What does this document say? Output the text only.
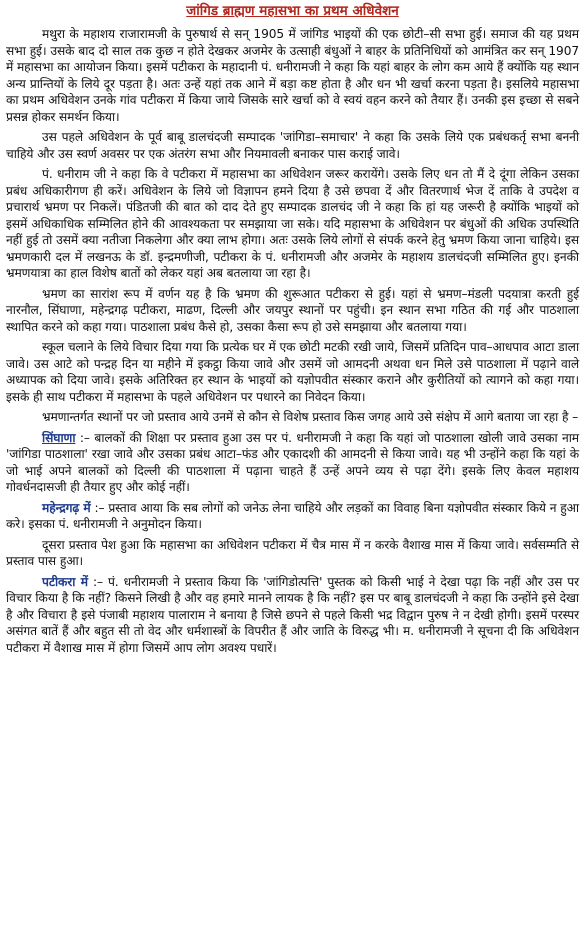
जांगिड ब्राह्मण महासभा का प्रथम अधिवेशन

मथुरा के महाशय राजारामजी के पुरुषार्थ से सन् 1905 में जांगिड भाइयों की एक छोटी–सी सभा हुई। समाज की यह प्रथम सभा हुई। उसके बाद दो साल तक कुछ न होते देखकर अजमेर के उत्साही बंधुओं ने बाहर के प्रतिनिधियों को आमंत्रित कर सन् 1907 में महासभा का आयोजन किया। इसमें पटीकरा के महादानी पं. धनीरामजी ने कहा कि यहां बाहर के लोग कम आये हैं क्योंकि यह स्थान अन्य प्रान्तियों के लिये दूर पड़ता है। अतः उन्हें यहां तक आने में बड़ा कष्ट होता है और धन भी खर्चा करना पड़ता है। इसलिये महासभा का प्रथम अधिवेशन उनके गांव पटीकरा में किया जाये जिसके सारे खर्चा को वे स्वयं वहन करने को तैयार हैं। उनकी इस इच्छा से सबने प्रसन्न होकर समर्थन किया।

उस पहले अधिवेशन के पूर्व बाबू डालचंदजी सम्पादक 'जांगिडा–समाचार' ने कहा कि उसके लिये एक प्रबंधकर्तृ सभा बननी चाहिये और उस स्वर्ण अवसर पर एक अंतरंग सभा और नियमावली बनाकर पास कराई जावे।

पं. धनीराम जी ने कहा कि वे पटीकरा में महासभा का अधिवेशन जरूर करायेंगे। उसके लिए धन तो मैं दे दूंगा लेकिन उसका प्रबंध अधिकारीगण ही करें। अधिवेशन के लिये जो विज्ञापन हमने दिया है उसे छपवा दें और वितरणार्थ भेज दें ताकि वे उपदेश व प्रचारार्थ भ्रमण पर निकलें। पंडितजी की बात को दाद देते हुए सम्पादक डालचंद जी ने कहा कि हां यह जरूरी है क्योंकि भाइयों को इसमें अधिकाधिक सम्मिलित होने की आवश्यकता पर समझाया जा सके। यदि महासभा के अधिवेशन पर बंधुओं की अधिक उपस्थिति नहीं हुई तो उसमें क्या नतीजा निकलेगा और क्या लाभ होगा। अतः उसके लिये लोगों से संपर्क करने हेतु भ्रमण किया जाना चाहिये। इस भ्रमणकारी दल में लखनऊ के डॉ. इन्द्रमणीजी, पटीकरा के पं. धनीरामजी और अजमेर के महाशय डालचंदजी सम्मिलित हुए। इनकी भ्रमणयात्रा का हाल विशेष बातों को लेकर यहां अब बतलाया जा रहा है।

भ्रमण का सारांश रूप में वर्णन यह है कि भ्रमण की शुरूआत पटीकरा से हुई। यहां से भ्रमण–मंडली पदयात्रा करती हुई नारनौल, सिंघाणा, महेन्द्रगढ़ पटीकरा, माढण, दिल्ली और जयपुर स्थानों पर पहुंची। इन स्थान सभा गठित की गई और पाठशाला स्थापित करने को कहा गया। पाठशाला प्रबंध कैसे हो, उसका कैसा रूप हो उसे समझाया और बतलाया गया।

स्कूल चलाने के लिये विचार दिया गया कि प्रत्येक घर में एक छोटी मटकी रखी जाये, जिसमें प्रतिदिन पाव–आधपाव आटा डाला जावे। उस आटे को पन्द्रह दिन या महीने में इकट्ठा किया जावे और उसमें जो आमदनी अथवा धन मिले उसे पाठशाला में पढ़ाने वाले अध्यापक को दिया जावे। इसके अतिरिक्त हर स्थान के भाइयों को यज्ञोपवीत संस्कार कराने और कुरीतियों को त्यागने को कहा गया। इसके ही साथ पटीकरा में महासभा के पहले अधिवेशन पर पधारने का निवेदन किया।

भ्रमणान्तर्गत स्थानों पर जो प्रस्ताव आये उनमें से कौन से विशेष प्रस्ताव किस जगह आये उसे संक्षेप में आगे बताया जा रहा है –

सिंघाणा :– बालकों की शिक्षा पर प्रस्ताव हुआ उस पर पं. धनीरामजी ने कहा कि यहां जो पाठशाला खोली जावे उसका नाम 'जांगिडा पाठशाला' रखा जावे और उसका प्रबंध आटा–फंड और एकादशी की आमदनी से किया जावे। यह भी उन्होंने कहा कि यहां के जो भाई अपने बालकों को दिल्ली की पाठशाला में पढ़ाना चाहते हैं उन्हें अपने व्यय से पढ़ा देंगे। इसके लिए केवल महाशय गोवर्धनदासजी ही तैयार हुए और कोई नहीं।

महेन्द्रगढ़ में :– प्रस्ताव आया कि सब लोगों को जनेऊ लेना चाहिये और लड़कों का विवाह बिना यज्ञोपवीत संस्कार किये न हुआ करे। इसका पं. धनीरामजी ने अनुमोदन किया।

दूसरा प्रस्ताव पेश हुआ कि महासभा का अधिवेशन पटीकरा में चैत्र मास में न करके वैशाख मास में किया जावे। सर्वसम्मति से प्रस्ताव पास हुआ।

पटीकरा में :– पं. धनीरामजी ने प्रस्ताव किया कि 'जांगिडोत्पत्ति' पुस्तक को किसी भाई ने देखा पढ़ा कि नहीं और उस पर विचार किया है कि नहीं? किसने लिखी है और वह हमारे मानने लायक है कि नहीं? इस पर बाबू डालचंदजी ने कहा कि उन्होंने इसे देखा है और विचारा है इसे पंजाबी महाशय पालाराम ने बनाया है जिसे छपने से पहले किसी भद्र विद्वान पुरुष ने न देखी होगी। इसमें परस्पर असंगत बातें हैं और बहुत सी तो वेद और धर्मशास्त्रों के विपरीत हैं और जाति के विरुद्ध भी। म. धनीरामजी ने सूचना दी कि अधिवेशन पटीकरा में वैशाख मास में होगा जिसमें आप लोग अवश्य पधारें।
